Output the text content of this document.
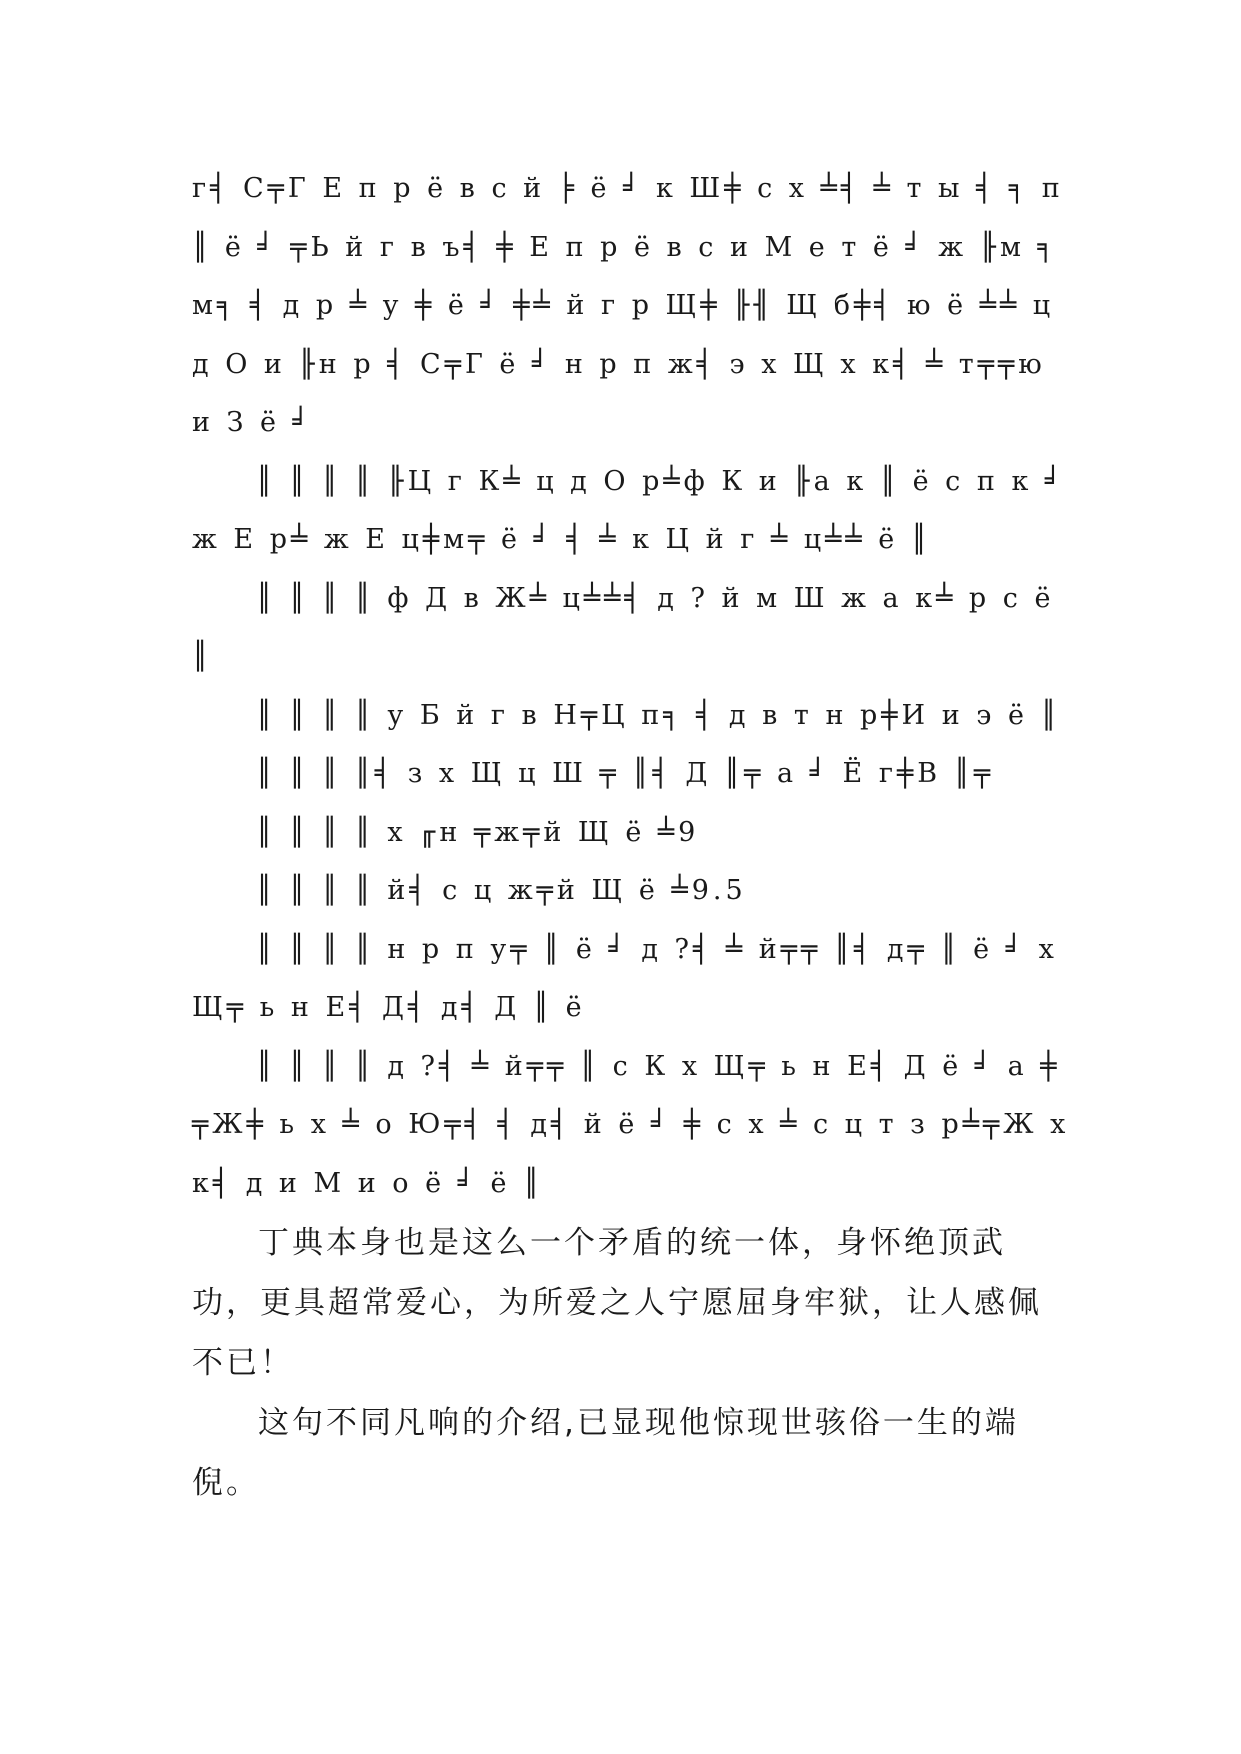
г╡ С╤Г Е п р ё в с й ╞ ё ╛ к Ш╪ с х ╧╡ ╧ т ы ╡ ╕ п ║ ё ╛ ╤Ь й г в ъ╡ ╪ Е п р ё в с и М е т ё ╛ ж ╟м ╕ м╕ ╡ д р ╧ у ╪ ё ╛ ╪╧ й г р Щ╪ ╟╢ Щ б╪╡ ю ё ╧╧ ц д О и ╟н р ╡ С╤Г ё ╛ н р п ж╡ э х Щ х к╡ ╧ т╤╤ю и З ё ╛

║ ║ ║ ║ ╟Ц г К╧ ц д О р╧ф К и ╟а к ║ ё с п к ╛ ж Е р╧ ж Е ц╪м╤ ё ╛ ╡ ╧ к Ц й г ╧ ц╧╧ ё ║

║ ║ ║ ║ ф Д в Ж╧ ц╧╧╡ д ? й м Ш ж а к╧ р с ё ║

║ ║ ║ ║ у Б й г в Н╤Ц п╕ ╡ д в т н р╪И и э ё ║

║ ║ ║ ║╡ з х Щ ц Ш ╤ ║╡ Д ║╤ а ╛ Ё г╪В ║╤

║ ║ ║ ║ х ╓н ╤ж╤й Щ ё ╧9

║ ║ ║ ║ й╡ с ц ж╤й Щ ё ╧9.5

║ ║ ║ ║ н р п у╤ ║ ё ╛ д ?╡ ╧ й╤╤ ║╡ д╤ ║ ё ╛ х Щ╤ ь н Е╡ Д╡ д╡ Д ║ ё

║ ║ ║ ║ д ?╡ ╧ й╤╤ ║ с К х Щ╤ ь н Е╡ Д ё ╛ а ╪╤Ж╪ ь х ╧ о Ю╤╡ ╡ д╡ й ё ╛ ╪ с х ╧ с ц т з р╧╤Ж х к╡ д и М и о ё ╛ ё ║

丁典本身也是这么一个矛盾的统一体，身怀绝顶武功，更具超常爱心，为所爱之人宁愿屈身牢狱，让人感佩不已！

这句不同凡响的介绍,已显现他惊现世骇俗一生的端倪。
